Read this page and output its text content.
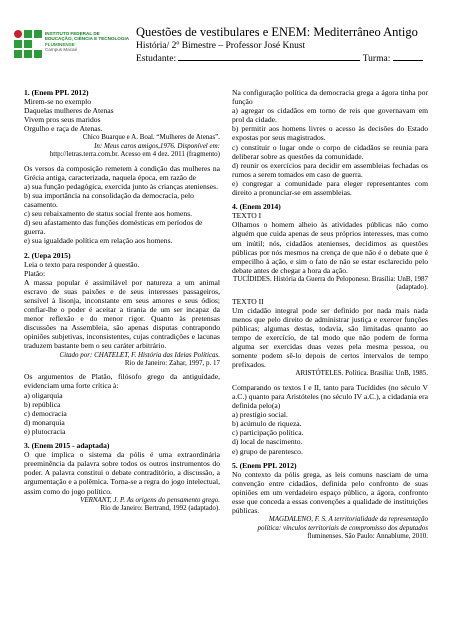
INSTITUTO FEDERAL DE
EDUCAÇÃO, CIÊNCIA E TECNOLOGIA
FLUMINENSE
Campus Macaé
Questões de vestibulares e ENEM: Mediterrâneo Antigo
História/ 2º Bimestre – Professor José Knust
Estudante:	Turma:

1. (Enem PPL 2012)

Mirem-se no exemplo

Daquelas mulheres de Atenas

Vivem pros seus maridos

Orgulho e raça de Atenas.

Chico Buarque e A. Boal. “Mulheres de Atenas”.

In: Meus caros amigos,1976. Disponível em:

http://letras.terra.com.br. Acesso em 4 dez. 2011 (fragmento)

Os versos da composição remetem à condição das mulheres na Grécia antiga, caracterizada, naquela época, em razão de

a) sua função pedagógica, exercida junto às crianças atenienses.

b) sua importância na consolidação da democracia, pelo casamento.

c) seu rebaixamento de status social frente aos homens.

d) seu afastamento das funções domésticas em períodos de guerra.

e) sua igualdade política em relação aos homens.

2. (Uepa 2015)

Leia o texto para responder à questão.

Platão:

A massa popular é assimilável por natureza a um animal escravo de suas paixões e de seus interesses passageiros, sensível à lisonja, inconstante em seus amores e seus ódios; confiar-lhe o poder é aceitar a tirania de um ser incapaz da menor reflexão e do menor rigor. Quanto às pretensas discussões na Assembleia, são apenas disputas contrapondo opiniões subjetivas, inconsistentes, cujas contradições e lacunas traduzem bastante bem o seu caráter arbitrário.

Citado por: CHATELET, F. História das Ideias Políticas.

Rio de Janeiro: Zahar, 1997, p. 17

Os argumentos de Platão, filósofo grego da antiguidade, evidenciam uma forte crítica à:

a) oligarquia

b) república

c) democracia

d) monarquia

e) plutocracia

3. (Enem 2015 - adaptada)

O que implica o sistema da pólis é uma extraordinária preeminência da palavra sobre todos os outros instrumentos do poder. A palavra constitui o debate contraditório, a discussão, a argumentação e a polêmica. Torna-se a regra do jogo intelectual, assim como do jogo político.

VERNANT, J. P. As origens do pensamento grego.

Rio de Janeiro: Bertrand, 1992 (adaptado).

Na configuração política da democracia grega a ágora tinha por função

a) agregar os cidadãos em torno de reis que governavam em prol da cidade.

b) permitir aos homens livres o acesso às decisões do Estado expostas por seus magistrados.

c) constituir o lugar onde o corpo de cidadãos se reunia para deliberar sobre as questões da comunidade.

d) reunir os exercícios para decidir em assembleias fechadas os rumos a serem tomados em caso de guerra.

e) congregar a comunidade para eleger representantes com direito a pronunciar-se em assembleias.

4. (Enem 2014)

TEXTO I

Olhamos o homem alheio às atividades públicas não como alguém que cuida apenas de seus próprios interesses, mas como um inútil; nós, cidadãos atenienses, decidimos as questões públicas por nós mesmos na crença de que não é o debate que é empecilho à ação, e sim o fato de não se estar esclarecido pelo debate antes de chegar a hora da ação.

TUCÍDIDES. História da Guerra do Peloponeso. Brasília: UnB, 1987 (adaptado).

TEXTO II

Um cidadão integral pode ser definido por nada mais nada menos que pelo direito de administrar justiça e exercer funções públicas; algumas destas, todavia, são limitadas quanto ao tempo de exercício, de tal modo que não podem de forma alguma ser exercidas duas vezes pela mesma pessoa, ou somente podem sê-lo depois de certos intervalos de tempo prefixados.

ARISTÓTELES. Política. Brasília: UnB, 1985.

Comparando os textos I e II, tanto para Tucídides (no século V a.C.) quanto para Aristóteles (no século IV a.C.), a cidadania era definida pelo(a)

a) prestígio social.

b) acúmulo de riqueza.

c) participação política.

d) local de nascimento.

e) grupo de parentesco.

5. (Enem PPL 2012)

No contexto da pólis grega, as leis comuns nasciam de uma convenção entre cidadãos, definida pelo confronto de suas opiniões em um verdadeiro espaço público, a ágora, confronto esse que conceda a essas convenções a qualidade de instituições públicas.

MAGDALENO, F. S. A territorialidade da representação

política: vínculos territoriais de compromisso dos deputados

fluminenses. São Paulo: Annablume, 2010.
